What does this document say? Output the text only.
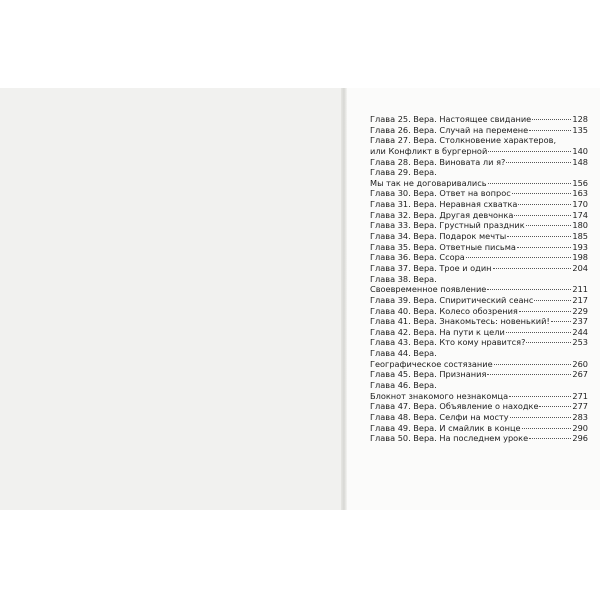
Глава 25. Вера. Настоящее свидание	128
Глава 26. Вера. Случай на перемене	135
Глава 27. Вера. Столкновение характеров,
или Конфликт в бургерной	140
Глава 28. Вера. Виновата ли я?	148
Глава 29. Вера.
Мы так не договаривались	156
Глава 30. Вера. Ответ на вопрос	163
Глава 31. Вера. Неравная схватка	170
Глава 32. Вера. Другая девчонка	174
Глава 33. Вера. Грустный праздник	180
Глава 34. Вера. Подарок мечты	185
Глава 35. Вера. Ответные письма	193
Глава 36. Вера. Ссора	198
Глава 37. Вера. Трое и один	204
Глава 38. Вера.
Своевременное появление	211
Глава 39. Вера. Спиритический сеанс	217
Глава 40. Вера. Колесо обозрения	229
Глава 41. Вера. Знакомьтесь: новенький!	237
Глава 42. Вера. На пути к цели	244
Глава 43. Вера. Кто кому нравится?	253
Глава 44. Вера.
Географическое состязание	260
Глава 45. Вера. Признания	267
Глава 46. Вера.
Блокнот знакомого незнакомца	271
Глава 47. Вера. Объявление о находке	277
Глава 48. Вера. Селфи на мосту	283
Глава 49. Вера. И смайлик в конце	290
Глава 50. Вера. На последнем уроке	296
